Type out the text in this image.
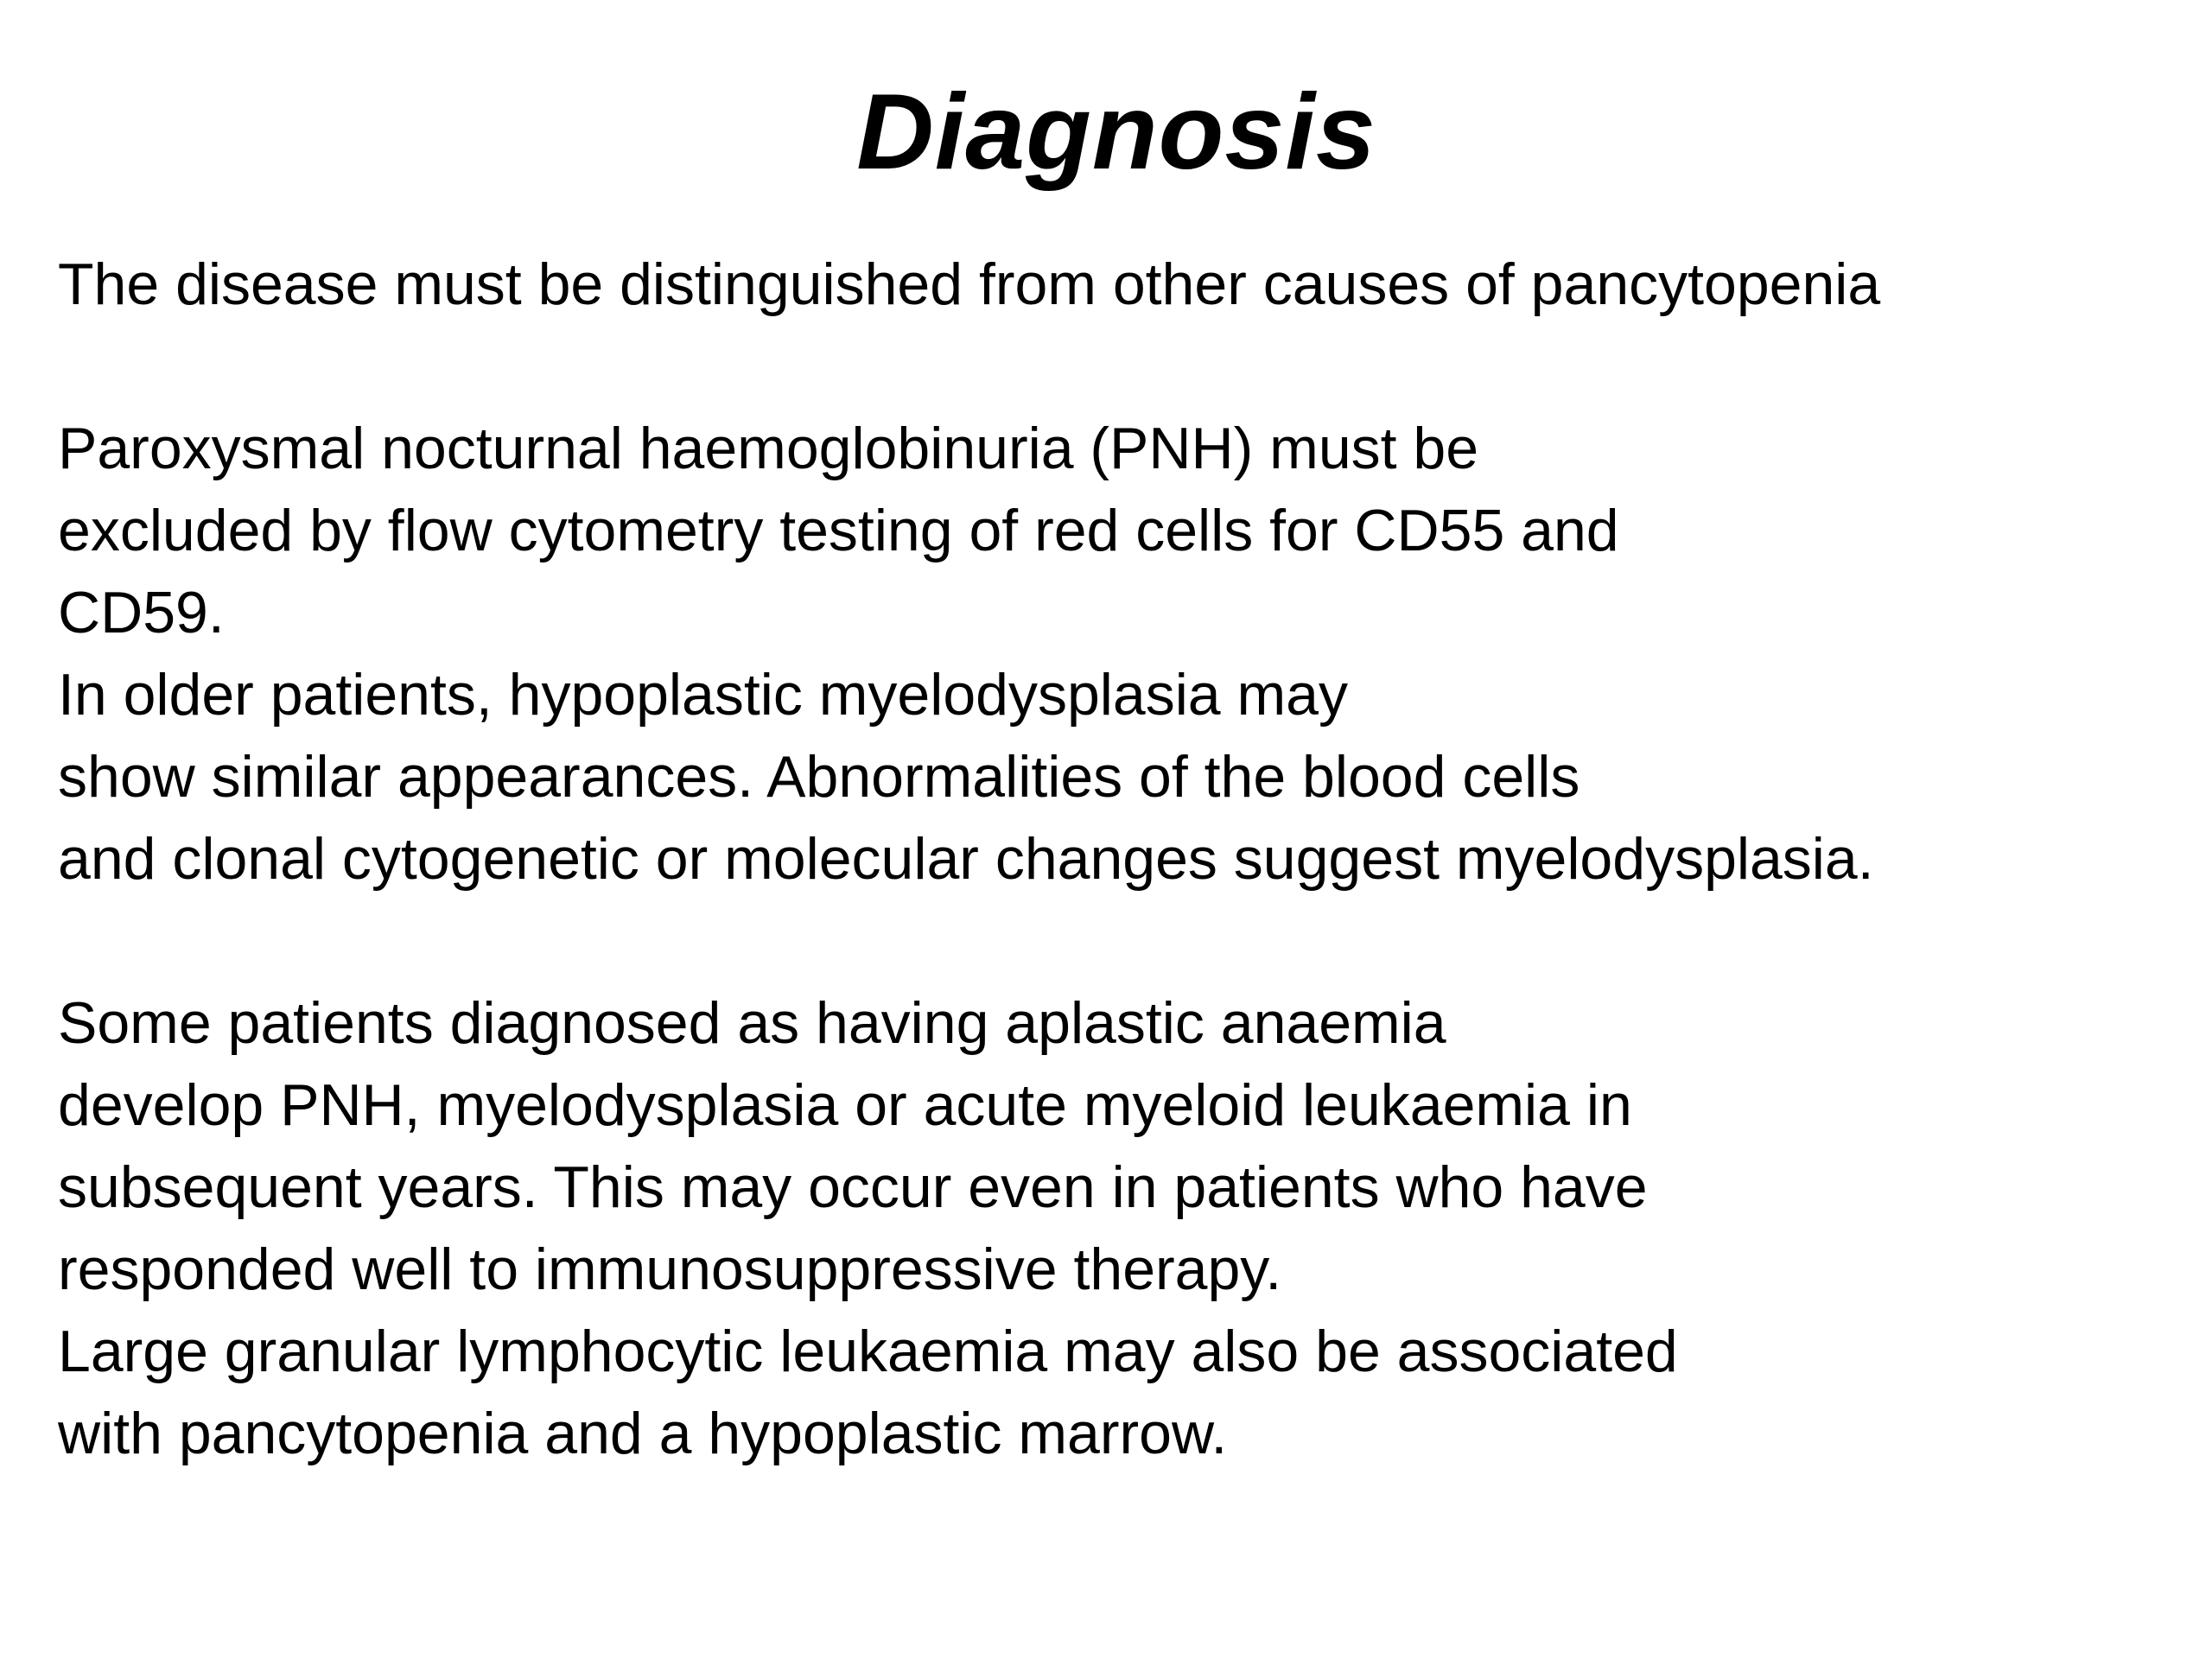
Diagnosis
The disease must be distinguished from other causes of pancytopenia
Paroxysmal nocturnal haemoglobinuria (PNH) must be
excluded by flow cytometry testing of red cells for CD55 and
CD59.
In older patients, hypoplastic myelodysplasia may
show similar appearances. Abnormalities of the blood cells
and clonal cytogenetic or molecular changes suggest myelodysplasia.
Some patients diagnosed as having aplastic anaemia
develop PNH, myelodysplasia or acute myeloid leukaemia in
subsequent years. This may occur even in patients who have
responded well to immunosuppressive therapy.
Large granular lymphocytic leukaemia may also be associated
with pancytopenia and a hypoplastic marrow.
